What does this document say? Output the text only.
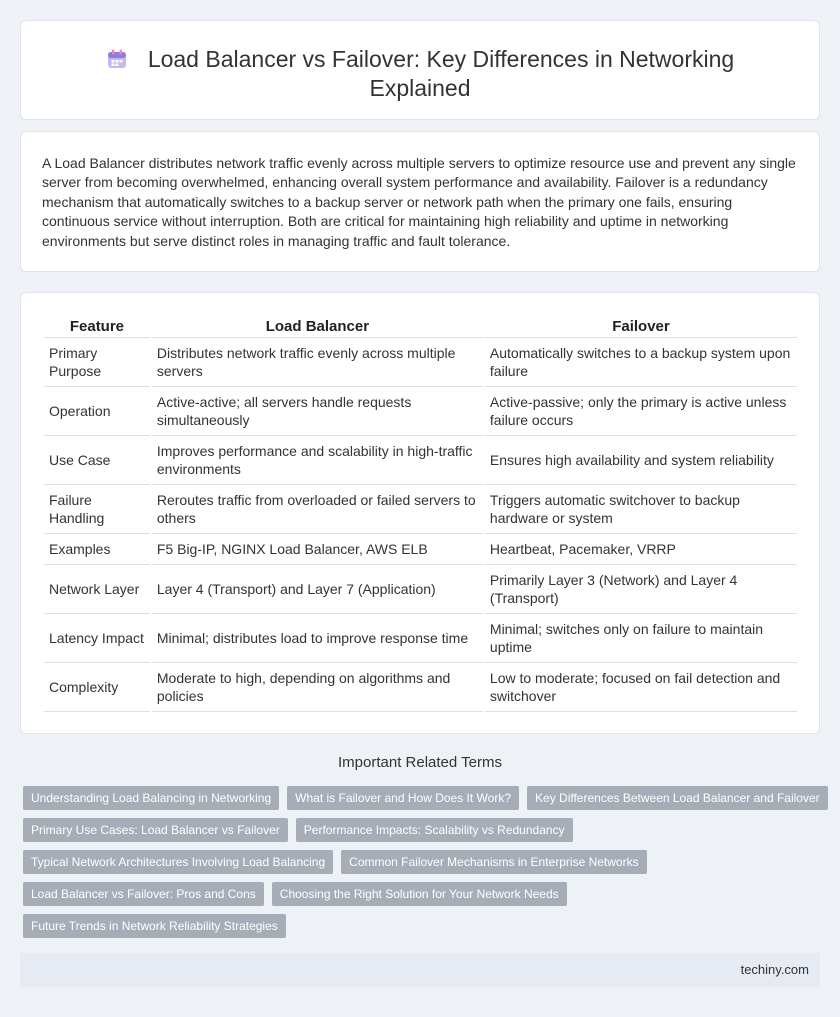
Load Balancer vs Failover: Key Differences in Networking Explained

A Load Balancer distributes network traffic evenly across multiple servers to optimize resource use and prevent any single server from becoming overwhelmed, enhancing overall system performance and availability. Failover is a redundancy mechanism that automatically switches to a backup server or network path when the primary one fails, ensuring continuous service without interruption. Both are critical for maintaining high reliability and uptime in networking environments but serve distinct roles in managing traffic and fault tolerance.

Feature	Load Balancer	Failover
Primary Purpose	Distributes network traffic evenly across multiple servers	Automatically switches to a backup system upon failure
Operation	Active-active; all servers handle requests simultaneously	Active-passive; only the primary is active unless failure occurs
Use Case	Improves performance and scalability in high-traffic environments	Ensures high availability and system reliability
Failure Handling	Reroutes traffic from overloaded or failed servers to others	Triggers automatic switchover to backup hardware or system
Examples	F5 Big-IP, NGINX Load Balancer, AWS ELB	Heartbeat, Pacemaker, VRRP
Network Layer	Layer 4 (Transport) and Layer 7 (Application)	Primarily Layer 3 (Network) and Layer 4 (Transport)
Latency Impact	Minimal; distributes load to improve response time	Minimal; switches only on failure to maintain uptime
Complexity	Moderate to high, depending on algorithms and policies	Low to moderate; focused on fail detection and switchover
Important Related Terms
Understanding Load Balancing in Networking What is Failover and How Does It Work? Key Differences Between Load Balancer and Failover
Primary Use Cases: Load Balancer vs Failover Performance Impacts: Scalability vs Redundancy
Typical Network Architectures Involving Load Balancing Common Failover Mechanisms in Enterprise Networks
Load Balancer vs Failover: Pros and Cons Choosing the Right Solution for Your Network Needs
Future Trends in Network Reliability Strategies
techiny.com
